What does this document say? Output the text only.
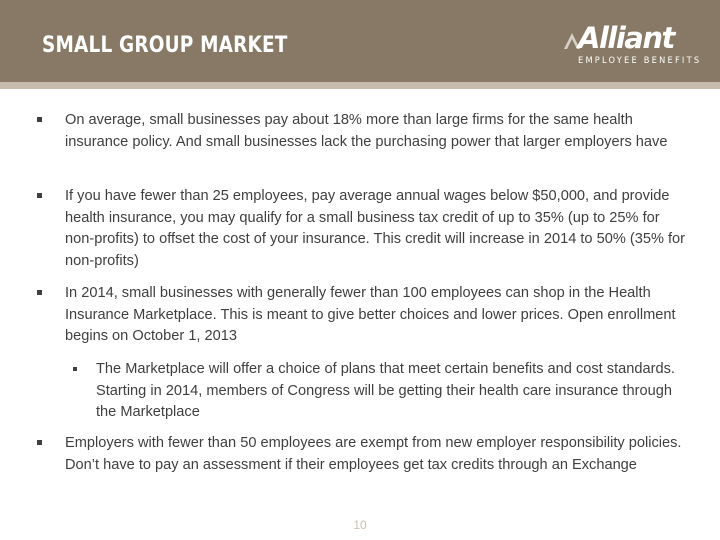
SMALL GROUP MARKET	Alliant
EMPLOYEE BENEFITS
On average, small businesses pay about 18% more than large firms for the same health insurance policy. And small businesses lack the purchasing power that larger employers have
If you have fewer than 25 employees, pay average annual wages below $50,000, and provide health insurance, you may qualify for a small business tax credit of up to 35% (up to 25% for non-profits) to offset the cost of your insurance. This credit will increase in 2014 to 50% (35% for non-profits)
In 2014, small businesses with generally fewer than 100 employees can shop in the Health Insurance Marketplace. This is meant to give better choices and lower prices. Open enrollment begins on October 1, 2013
The Marketplace will offer a choice of plans that meet certain benefits and cost standards. Starting in 2014, members of Congress will be getting their health care insurance through the Marketplace
Employers with fewer than 50 employees are exempt from new employer responsibility policies. Don’t have to pay an assessment if their employees get tax credits through an Exchange
10
